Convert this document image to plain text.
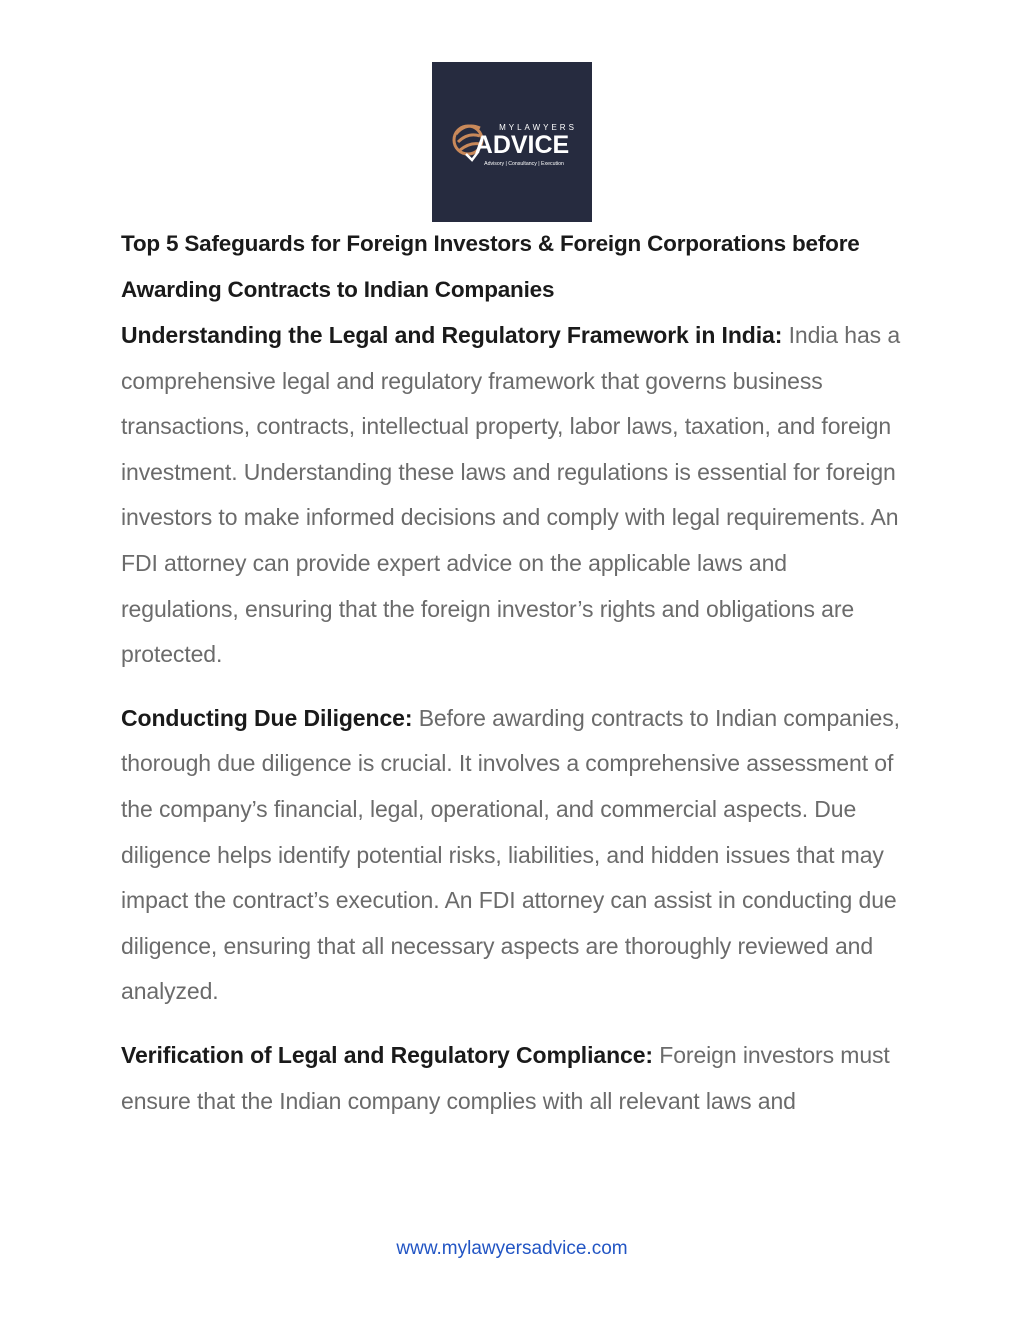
MYLAWYERS
ADVICE
Advisory | Consultancy | Execution
Top 5 Safeguards for Foreign Investors & Foreign Corporations before Awarding Contracts to Indian Companies

Understanding the Legal and Regulatory Framework in India: India has a comprehensive legal and regulatory framework that governs business transactions, contracts, intellectual property, labor laws, taxation, and foreign investment. Understanding these laws and regulations is essential for foreign investors to make informed decisions and comply with legal requirements. An FDI attorney can provide expert advice on the applicable laws and regulations, ensuring that the foreign investor’s rights and obligations are protected.

Conducting Due Diligence: Before awarding contracts to Indian companies, thorough due diligence is crucial. It involves a comprehensive assessment of the company’s financial, legal, operational, and commercial aspects. Due diligence helps identify potential risks, liabilities, and hidden issues that may impact the contract’s execution. An FDI attorney can assist in conducting due diligence, ensuring that all necessary aspects are thoroughly reviewed and analyzed.

Verification of Legal and Regulatory Compliance: Foreign investors must ensure that the Indian company complies with all relevant laws and

www.mylawyersadvice.com
